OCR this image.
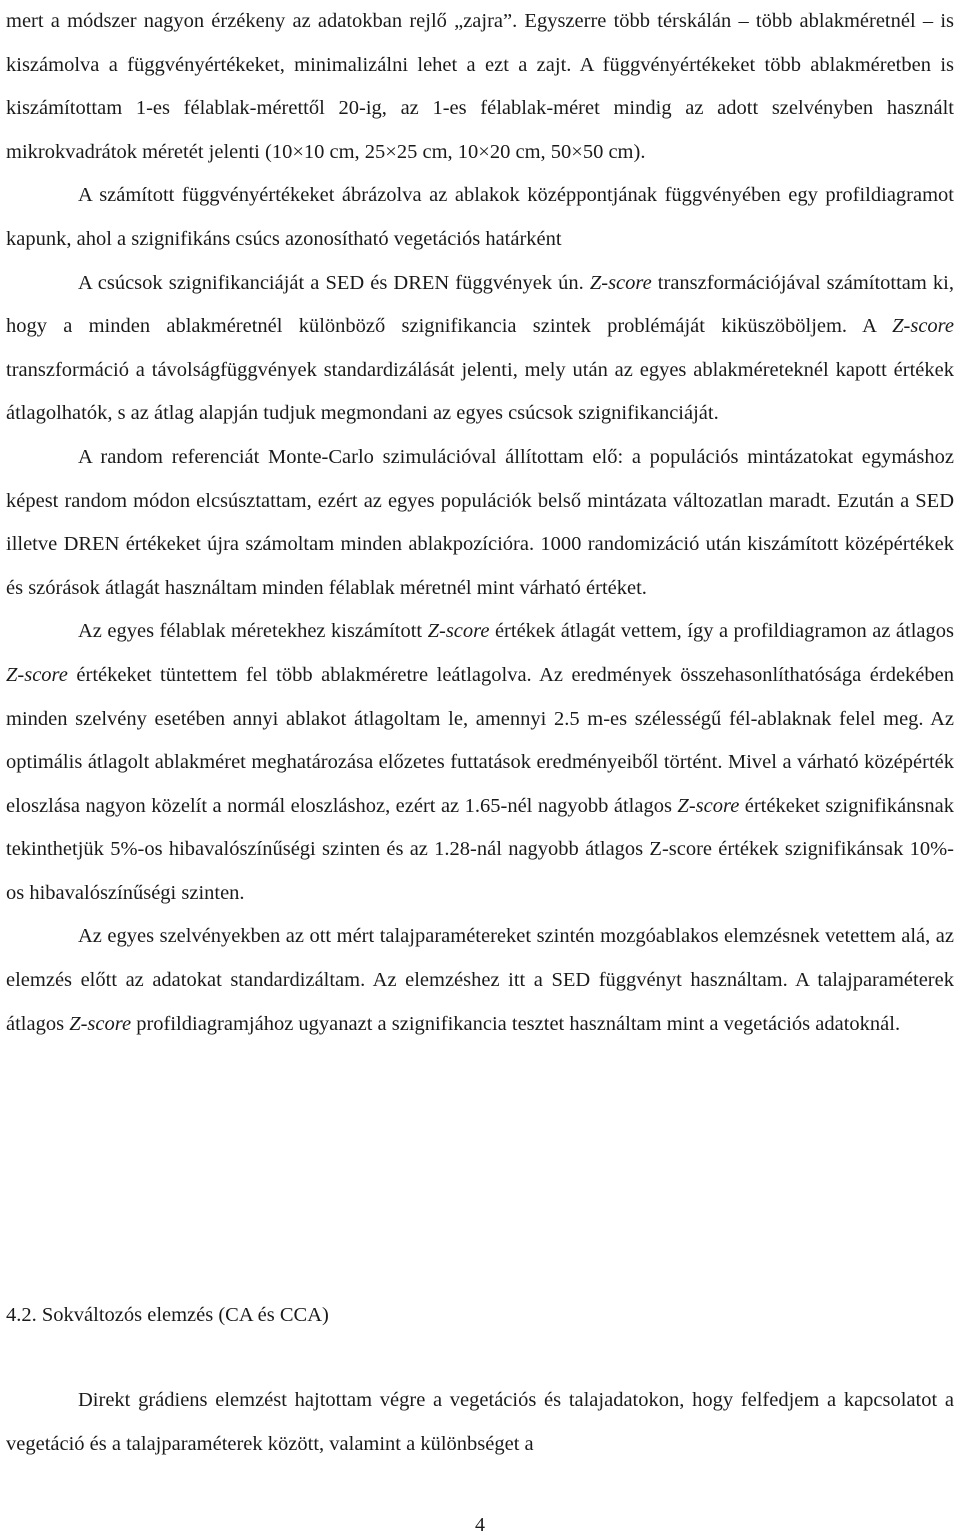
mert a módszer nagyon érzékeny az adatokban rejlő „zajra”. Egyszerre több térskálán – több ablakméretnél – is kiszámolva a függvényértékeket, minimalizálni lehet a ezt a zajt. A függvényértékeket több ablakméretben is kiszámítottam 1-es félablak-mérettől 20-ig, az 1-es félablak-méret mindig az adott szelvényben használt mikrokvadrátok méretét jelenti (10×10 cm, 25×25 cm, 10×20 cm, 50×50 cm).

A számított függvényértékeket ábrázolva az ablakok középpontjának függvényében egy profildiagramot kapunk, ahol a szignifikáns csúcs azonosítható vegetációs határként

A csúcsok szignifikanciáját a SED és DREN függvények ún. Z-score transzformációjával számítottam ki, hogy a minden ablakméretnél különböző szignifikancia szintek problémáját kiküszöböljem. A Z-score transzformáció a távolságfüggvények standardizálását jelenti, mely után az egyes ablakméreteknél kapott értékek átlagolhatók, s az átlag alapján tudjuk megmondani az egyes csúcsok szignifikanciáját.

A random referenciát Monte-Carlo szimulációval állítottam elő: a populációs mintázatokat egymáshoz képest random módon elcsúsztattam, ezért az egyes populációk belső mintázata változatlan maradt. Ezután a SED illetve DREN értékeket újra számoltam minden ablakpozícióra. 1000 randomizáció után kiszámított középértékek és szórások átlagát használtam minden félablak méretnél mint várható értéket.

Az egyes félablak méretekhez kiszámított Z-score értékek átlagát vettem, így a profildiagramon az átlagos Z-score értékeket tüntettem fel több ablakméretre leátlagolva. Az eredmények összehasonlíthatósága érdekében minden szelvény esetében annyi ablakot átlagoltam le, amennyi 2.5 m-es szélességű fél-ablaknak felel meg. Az optimális átlagolt ablakméret meghatározása előzetes futtatások eredményeiből történt. Mivel a várható középérték eloszlása nagyon közelít a normál eloszláshoz, ezért az 1.65-nél nagyobb átlagos Z-score értékeket szignifikánsnak tekinthetjük 5%-os hibavalószínűségi szinten és az 1.28-nál nagyobb átlagos Z-score értékek szignifikánsak 10%-os hibavalószínűségi szinten.

Az egyes szelvényekben az ott mért talajparamétereket szintén mozgóablakos elemzésnek vetettem alá, az elemzés előtt az adatokat standardizáltam. Az elemzéshez itt a SED függvényt használtam. A talajparaméterek átlagos Z-score profildiagramjához ugyanazt a szignifikancia tesztet használtam mint a vegetációs adatoknál.

4.2. Sokváltozós elemzés (CA és CCA)

Direkt grádiens elemzést hajtottam végre a vegetációs és talajadatokon, hogy felfedjem a kapcsolatot a vegetáció és a talajparaméterek között, valamint a különbséget a

4
